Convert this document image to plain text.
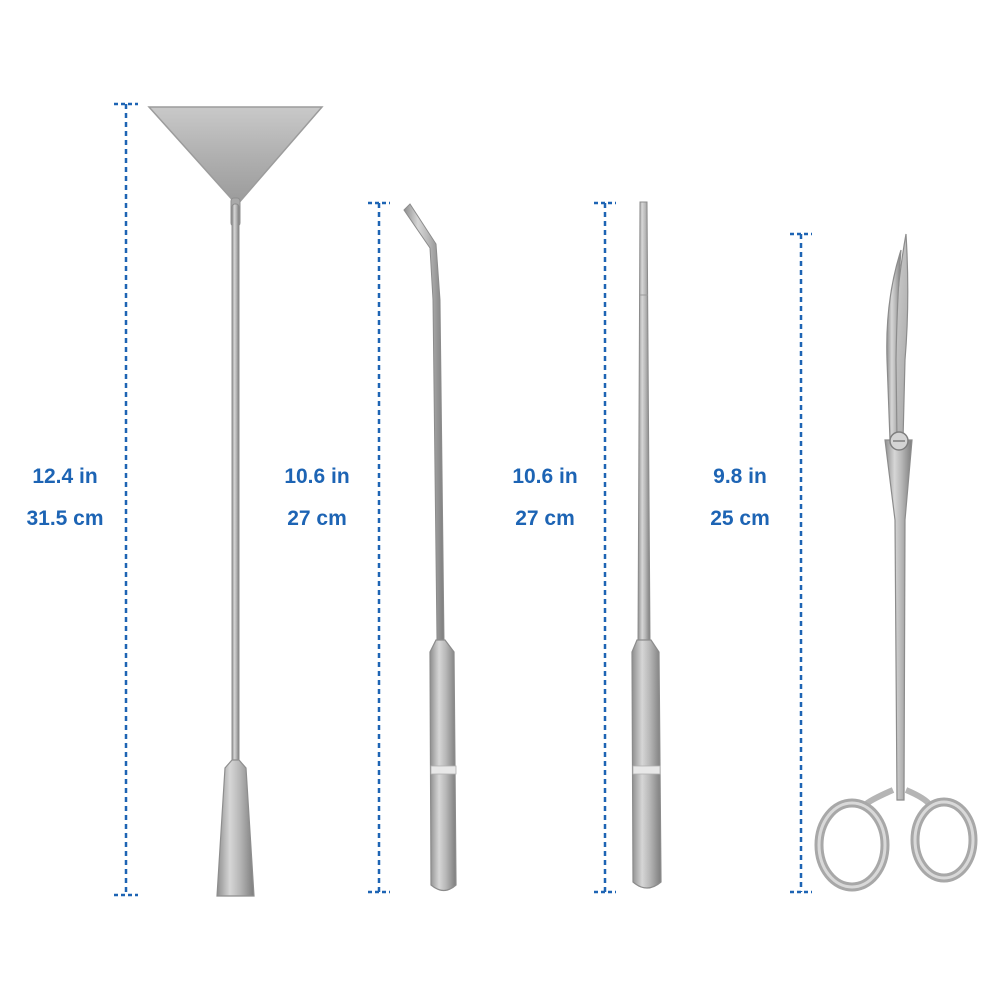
12.4 in
31.5 cm
10.6 in
27 cm
10.6 in
27 cm
9.8 in
25 cm
